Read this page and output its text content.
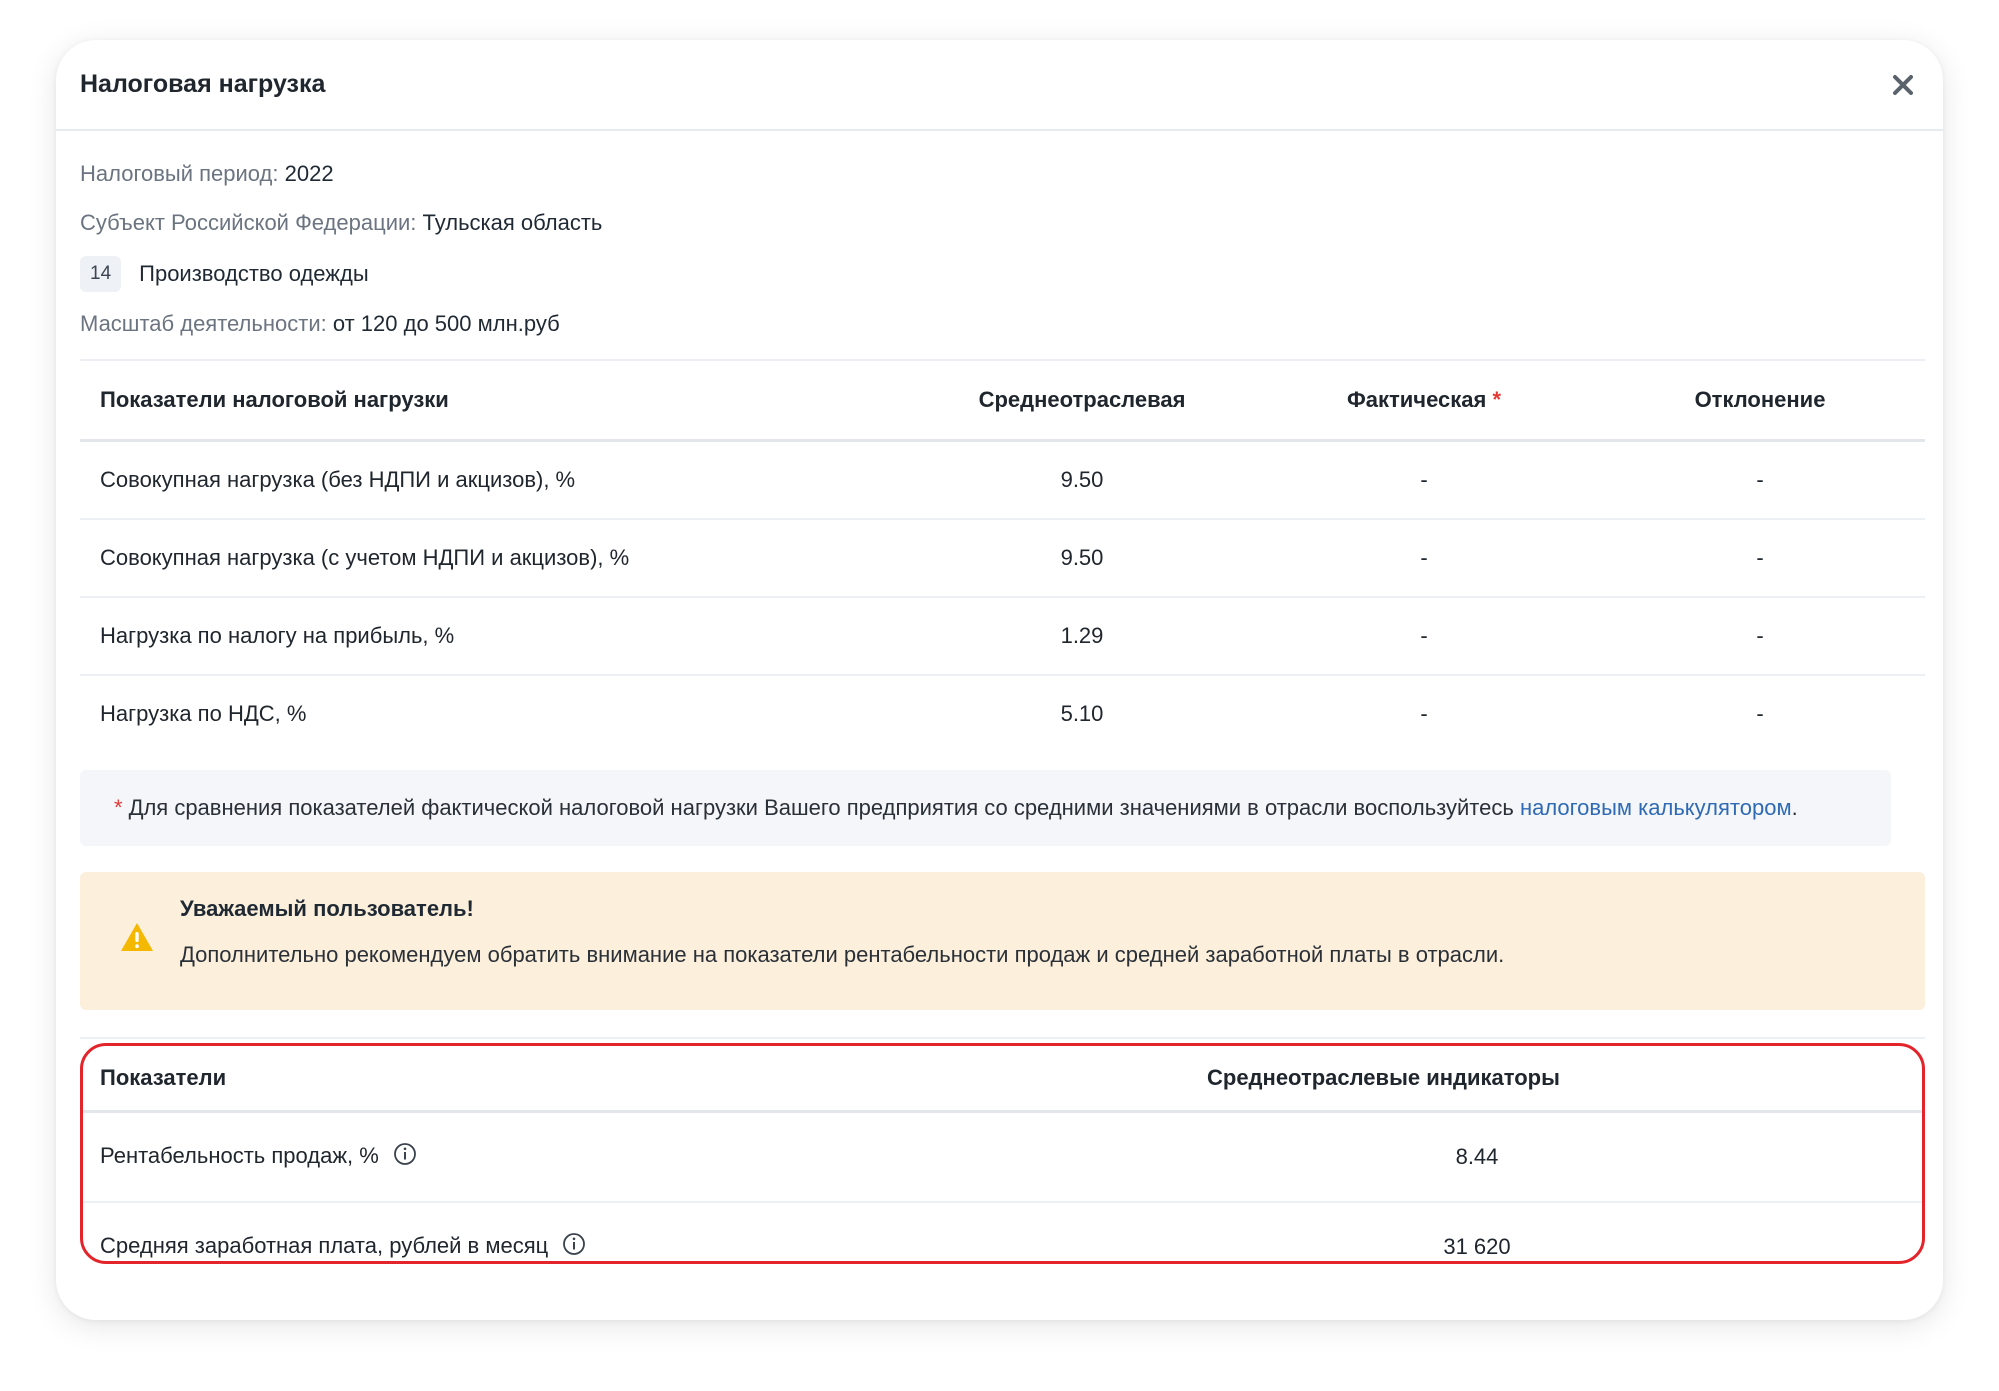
Налоговая нагрузка
Налоговый период: 2022
Субъект Российской Федерации: Тульская область
14	Производство одежды
Масштаб деятельности: от 120 до 500 млн.руб
Показатели налоговой нагрузки	Среднеотраслевая	Фактическая *	Отклонение
Совокупная нагрузка (без НДПИ и акцизов), %	9.50	-	-
Совокупная нагрузка (с учетом НДПИ и акцизов), %	9.50	-	-
Нагрузка по налогу на прибыль, %	1.29	-	-
Нагрузка по НДС, %	5.10	-	-
* Для сравнения показателей фактической налоговой нагрузки Вашего предприятия со средними значениями в отрасли воспользуйтесь налоговым калькулятором.
Уважаемый пользователь!
Дополнительно рекомендуем обратить внимание на показатели рентабельности продаж и средней заработной платы в отрасли.
Показатели	Среднеотраслевые индикаторы
Рентабельность продаж, %	8.44
Средняя заработная плата, рублей в месяц	31 620
